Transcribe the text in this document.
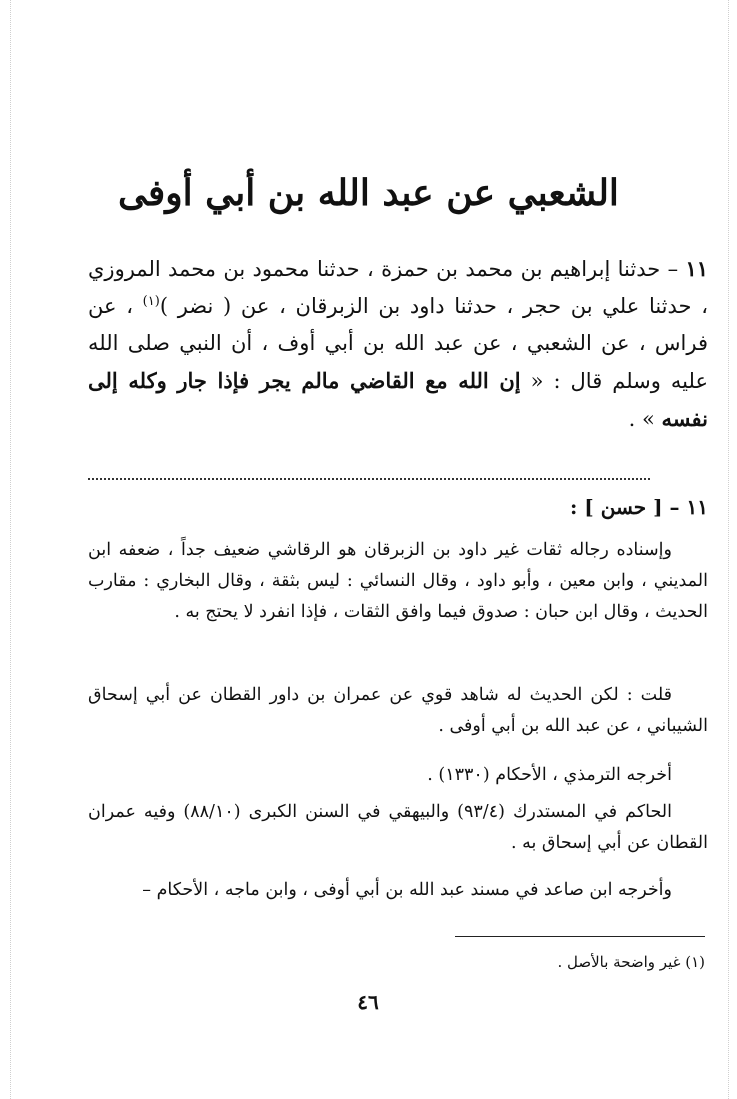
الشعبي عن عبد الله بن أبي أوفى
١١ – حدثنا إبراهيم بن محمد بن حمزة ، حدثنا محمود بن محمد المروزي ، حدثنا علي بن حجر ، حدثنا داود بن الزبرقان ، عن ( نضر )$^{(١)}$ ، عن فراس ، عن الشعبي ، عن عبد الله بن أبي أوف ، أن النبي صلى الله عليه وسلم قال : « إن الله مع القاضي مالم يجر فإذا جار وكله إلى نفسه » .
١١ – [ حسن ] :
وإسناده رجاله ثقات غير داود بن الزبرقان هو الرقاشي ضعيف جداً ، ضعفه ابن المديني ، وابن معين ، وأبو داود ، وقال النسائي : ليس بثقة ، وقال البخاري : مقارب الحديث ، وقال ابن حبان : صدوق فيما وافق الثقات ، فإذا انفرد لا يحتج به .
قلت : لكن الحديث له شاهد قوي عن عمران بن داور القطان عن أبي إسحاق الشيباني ، عن عبد الله بن أبي أوفى .
أخرجه الترمذي ، الأحكام (١٣٣٠) .
الحاكم في المستدرك (٩٣/٤) والبيهقي في السنن الكبرى (٨٨/١٠) وفيه عمران القطان عن أبي إسحاق به .
وأخرجه ابن صاعد في مسند عبد الله بن أبي أوفى ، وابن ماجه ، الأحكام –
(١) غير واضحة بالأصل .
٤٦
